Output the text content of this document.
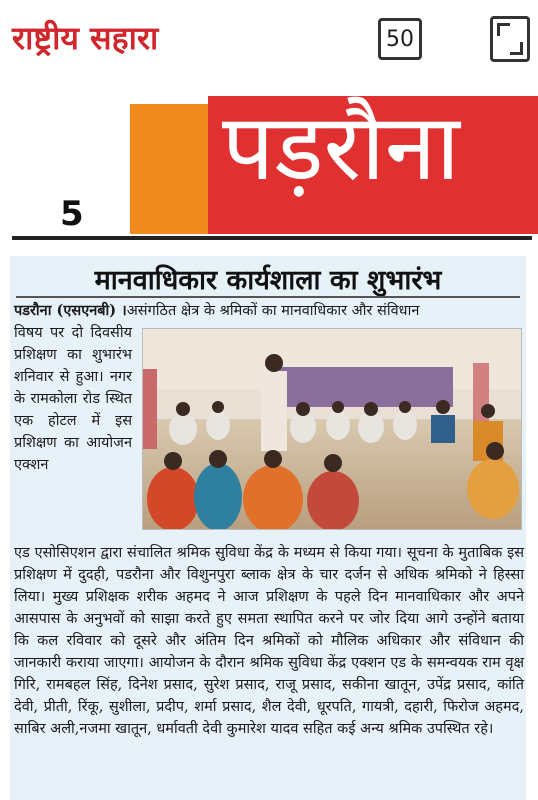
राष्ट्रीय सहारा	50
पड़रौना
5
मानवाधिकार कार्यशाला का शुभारंभ
पडरौना (एसएनबी) ।असंगठित क्षेत्र के श्रमिकों का मानवाधिकार और संविधान
विषय पर दो दिवसीय प्रशिक्षण का शुभारंभ शनिवार से हुआ। नगर के रामकोला रोड स्थित एक होटल में इस प्रशिक्षण का आयोजन एक्शन
एड एसोसिएशन द्वारा संचालित श्रमिक सुविधा केंद्र के मध्यम से किया गया। सूचना के मुताबिक इस प्रशिक्षण में दुदही, पडरौना और विशुनपुरा ब्लाक क्षेत्र के चार दर्जन से अधिक श्रमिको ने हिस्सा लिया। मुख्य प्रशिक्षक शरीक अहमद ने आज प्रशिक्षण के पहले दिन मानवाधिकार और अपने आसपास के अनुभवों को साझा करते हुए समता स्थापित करने पर जोर दिया आगे उन्होंने बताया कि कल रविवार को दूसरे और अंतिम दिन श्रमिकों को मौलिक अधिकार और संविधान की जानकारी कराया जाएगा। आयोजन के दौरान श्रमिक सुविधा केंद्र एक्शन एड के समन्वयक राम वृक्ष गिरि, रामबहल सिंह, दिनेश प्रसाद, सुरेश प्रसाद, राजू प्रसाद, सकीना खातून, उपेंद्र प्रसाद, कांति देवी, प्रीती, रिंकू, सुशीला, प्रदीप, शर्मा प्रसाद, शैल देवी, धूरपति, गायत्री, दहारी, फिरोज अहमद, साबिर अली,नजमा खातून, धर्मावती देवी कुमारेश यादव सहित कई अन्य श्रमिक उपस्थित रहे।
